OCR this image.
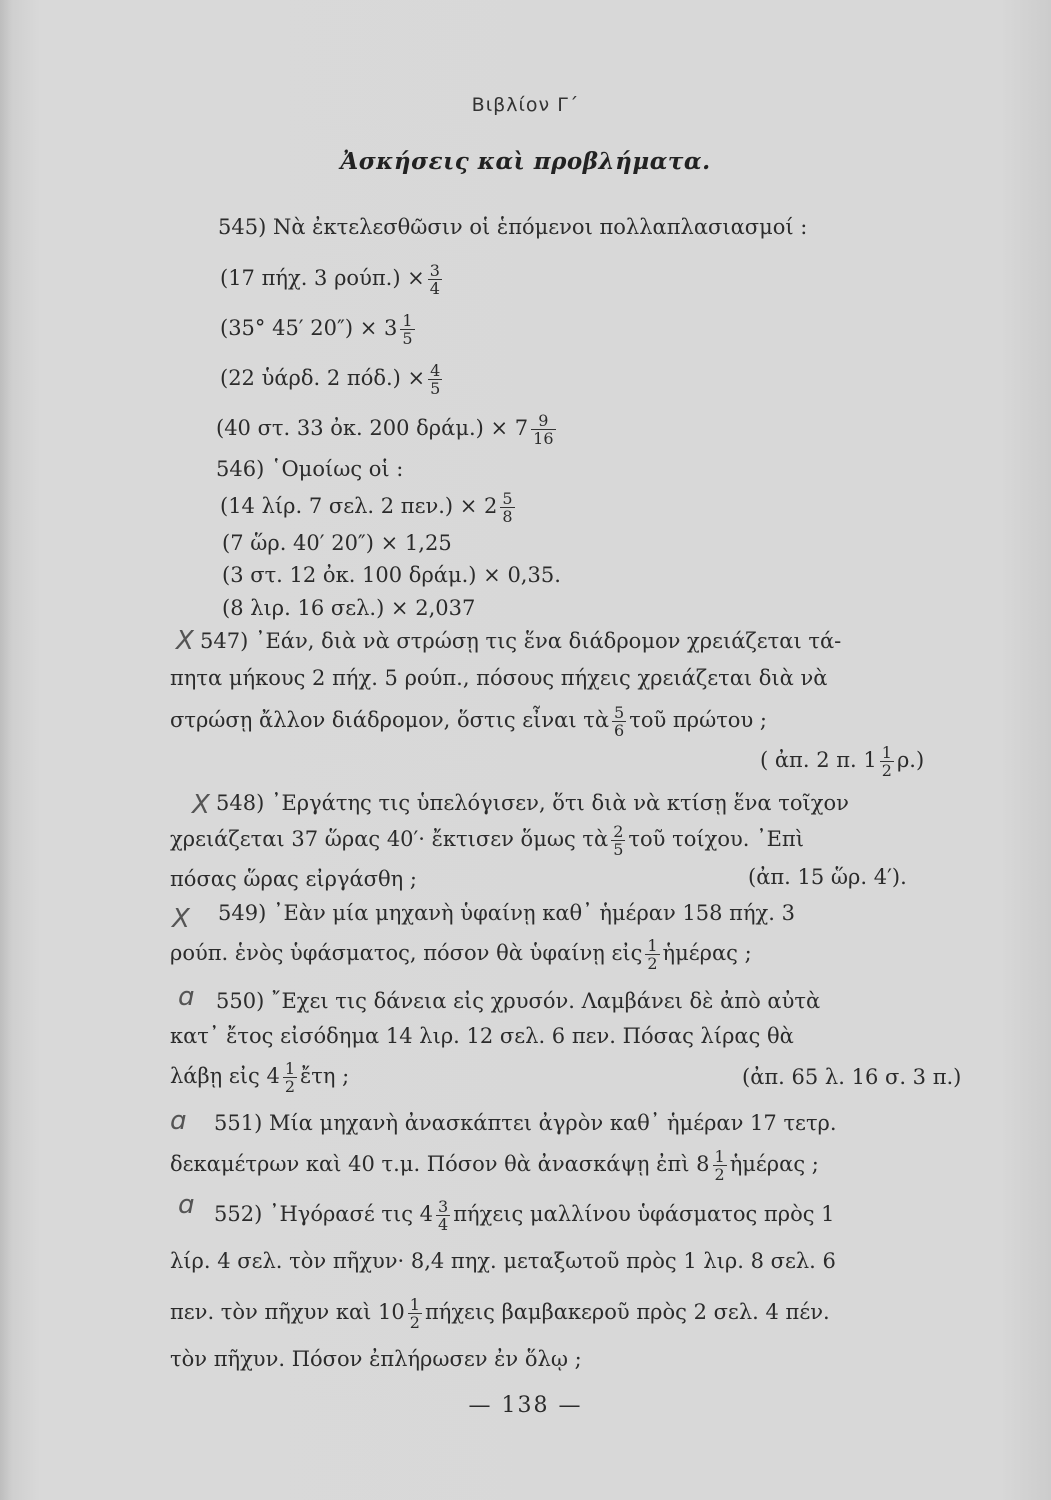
Βιβλίον Γ΄
Ἀσκήσεις καὶ προβλήματα.
545) Νὰ ἐκτελεσθῶσιν οἱ ἑπόμενοι πολλαπλασιασμοί :
(17 πήχ. 3 $\rho oύ\pi.) \times \frac{3}{4}$
(35° 45′ $20'') \times 3 \frac{1}{5}$
(22 ὑάρδ. 2 $\pi ό\delta.) \times \frac{4}{5}$
(40 στ. 33 ὀκ. 200 $\delta\rho ά\mu.) \times 7 \frac{9}{16}$
546) ῾Ομοίως οἱ :
(14 λίρ. 7 σελ. 2 $\pi\varepsilon\nu.) \times 2 \frac{5}{8}$
(7 ὥρ. 40′ 20″) × 1,25
(3 στ. 12 ὀκ. 100 δράμ.) × 0,35.
(8 λιρ. 16 σελ.) × 2,037
X 547) ᾿Εάν, διὰ νὰ στρώσῃ τις ἕνα διάδρομον χρειάζεται τά-
πητα μήκους 2 πήχ. 5 ρούπ., πόσους πήχεις χρειάζεται διὰ νὰ
στρώσῃ ἄλλον διάδρομον, ὅστις εἶναι τὰ $\frac{5}{6}$ τοῦ πρώτου ;
( ἀπ. 2 π. $1 \frac{1}{2} \rho$.)
X 548) ᾿Εργάτης τις ὑπελόγισεν, ὅτι διὰ νὰ κτίσῃ ἕνα τοῖχον
χρειάζεται 37 ὥρας 40′· ἔκτισεν ὅμως τὰ $\frac{2}{5}$ τοῦ τοίχου. ᾿Επὶ
πόσας ὥρας εἰργάσθη ;	(ἀπ. 15 ὥρ. 4′).
X 549) ᾿Εὰν μία μηχανὴ ὑφαίνῃ καθ᾿ ἡμέραν 158 πήχ. 3
ρούπ. ἑνὸς ὑφάσματος, πόσον θὰ ὑφαίνῃ εἰς $\frac{1}{2}$ ἡμέρας ;
ɑ 550) ῎Εχει τις δάνεια εἰς χρυσόν. Λαμβάνει δὲ ἀπὸ αὐτὰ
κατ᾿ ἔτος εἰσόδημα 14 λιρ. 12 σελ. 6 πεν. Πόσας λίρας θὰ
λάβῃ εἰς $4 \frac{1}{2}$ ἔτη ;	(ἀπ. 65 λ. 16 σ. 3 π.)
ɑ 551) Μία μηχανὴ ἀνασκάπτει ἀγρὸν καθ᾿ ἡμέραν 17 τετρ.
δεκαμέτρων καὶ 40 τ.μ. Πόσον θὰ ἀνασκάψῃ ἐπὶ $8 \frac{1}{2}$ ἡμέρας ;
ɑ 552) ᾿Ηγόρασέ τις $4 \frac{3}{4}$ πήχεις μαλλίνου ὑφάσματος πρὸς 1
λίρ. 4 σελ. τὸν πῆχυν· 8,4 πηχ. μεταξωτοῦ πρὸς 1 λιρ. 8 σελ. 6
πεν. τὸν πῆχυν καὶ $10 \frac{1}{2}$ πήχεις βαμβακεροῦ πρὸς 2 σελ. 4 πέν.
τὸν πῆχυν. Πόσον ἐπλήρωσεν ἐν ὅλῳ ;
— 138 —
